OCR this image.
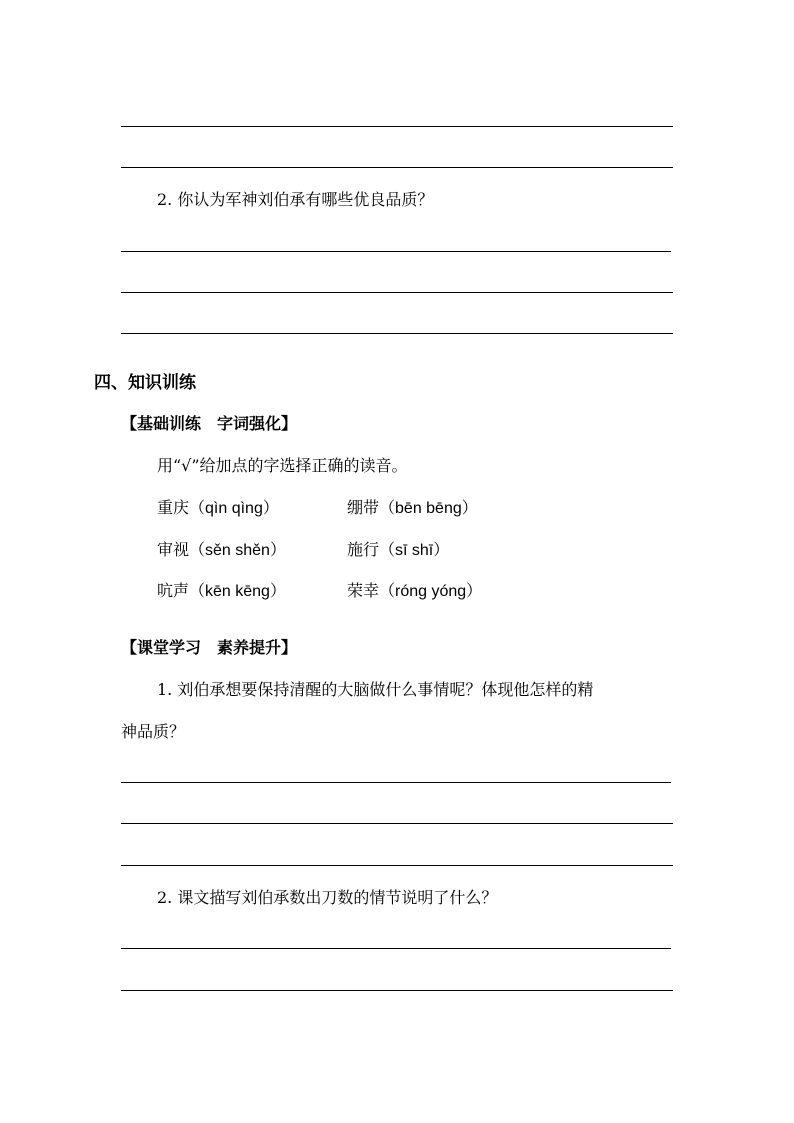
2. 你认为军神刘伯承有哪些优良品质？
四、知识训练
【基础训练　字词强化】
用“√”给加点的字选择正确的读音。
重庆（qìn qìng）	绷带（bēn bēng）
审视（sěn shěn）	施行（sī shī）
吭声（kēn kēng）	荣幸（róng yóng）
【课堂学习　素养提升】
1. 刘伯承想要保持清醒的大脑做什么事情呢？体现他怎样的精
神品质？
2. 课文描写刘伯承数出刀数的情节说明了什么？
